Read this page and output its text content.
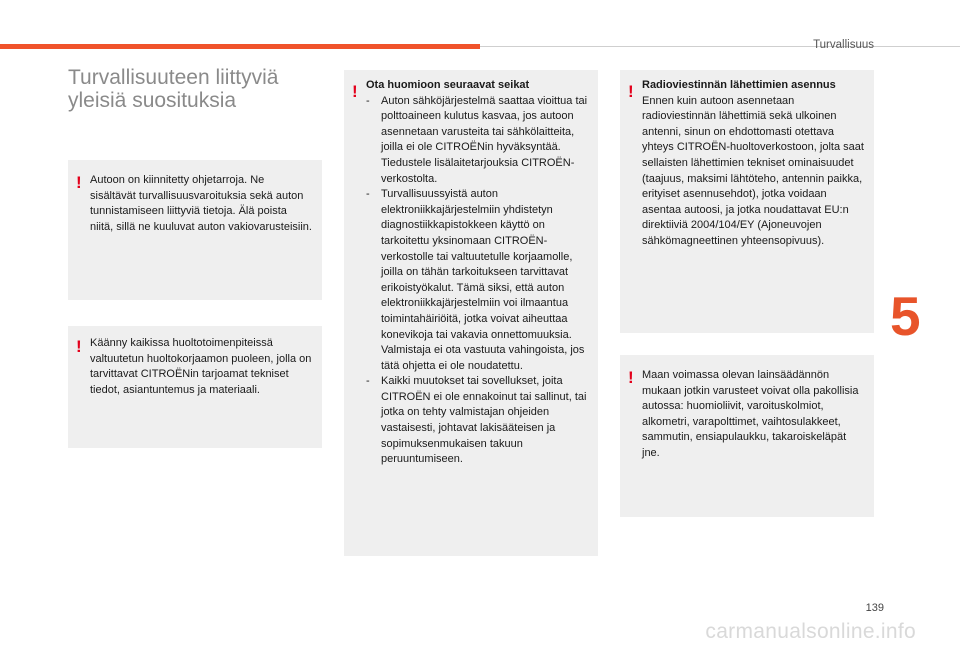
Turvallisuus
Turvallisuuteen liittyviä
yleisiä suosituksia
! Autoon on kiinnitetty ohjetarroja. Ne sisältävät turvallisuusvaroituksia sekä auton tunnistamiseen liittyviä tietoja. Älä poista niitä, sillä ne kuuluvat auton vakiovarusteisiin.
! Käänny kaikissa huoltotoimenpiteissä valtuutetun huoltokorjaamon puoleen, jolla on tarvittavat CITROËNin tarjoamat tekniset tiedot, asiantuntemus ja materiaali.
! Ota huomioon seuraavat seikat
- Auton sähköjärjestelmä saattaa vioittua tai polttoaineen kulutus kasvaa, jos autoon asennetaan varusteita tai sähkölaitteita, joilla ei ole CITROËNin hyväksyntää. Tiedustele lisälaitetarjouksia CITROËN-verkostolta.
- Turvallisuussyistä auton elektroniikkajärjestelmiin yhdistetyn diagnostiikkapistokkeen käyttö on tarkoitettu yksinomaan CITROËN-verkostolle tai valtuutetulle korjaamolle, joilla on tähän tarkoitukseen tarvittavat erikoistyökalut. Tämä siksi, että auton elektroniikkajärjestelmiin voi ilmaantua toimintahäiriöitä, jotka voivat aiheuttaa konevikoja tai vakavia onnettomuuksia. Valmistaja ei ota vastuuta vahingoista, jos tätä ohjetta ei ole noudatettu.
- Kaikki muutokset tai sovellukset, joita CITROËN ei ole ennakoinut tai sallinut, tai jotka on tehty valmistajan ohjeiden vastaisesti, johtavat lakisääteisen ja sopimuksenmukaisen takuun peruuntumiseen.
! Radioviestinnän lähettimien asennus
Ennen kuin autoon asennetaan radioviestinnän lähettimiä sekä ulkoinen antenni, sinun on ehdottomasti otettava yhteys CITROËN-huoltoverkostoon, jolta saat sellaisten lähettimien tekniset ominaisuudet (taajuus, maksimi lähtöteho, antennin paikka, erityiset asennusehdot), jotka voidaan asentaa autoosi, ja jotka noudattavat EU:n direktiiviä 2004/104/EY (Ajoneuvojen sähkömagneettinen yhteensopivuus).
! Maan voimassa olevan lainsäädännön mukaan jotkin varusteet voivat olla pakollisia autossa: huomioliivit, varoituskolmiot, alkometri, varapolttimet, vaihtosulakkeet, sammutin, ensiapulaukku, takaroiskeläpät jne.
5
139
carmanualsonline.info
